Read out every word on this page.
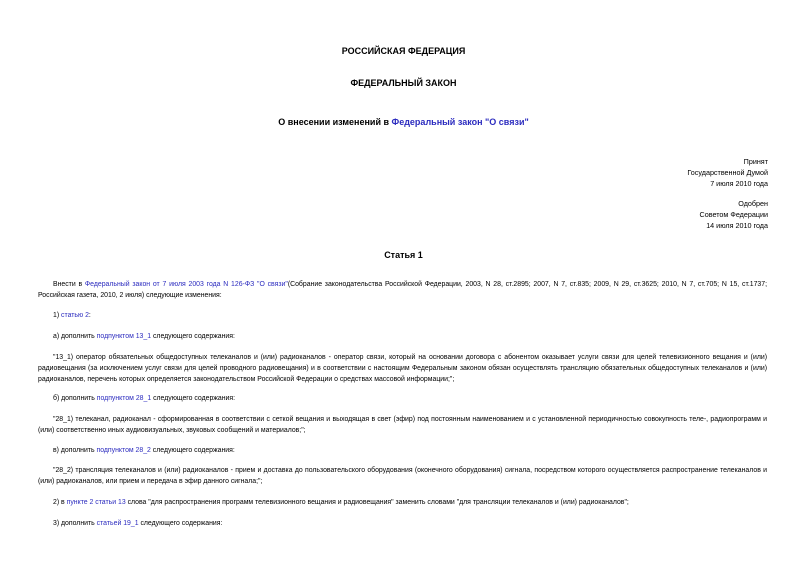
РОССИЙСКАЯ ФЕДЕРАЦИЯ
ФЕДЕРАЛЬНЫЙ ЗАКОН
О внесении изменений в Федеральный закон "О связи"
Принят
Государственной Думой
7 июля 2010 года
Одобрен
Советом Федерации
14 июля 2010 года
Статья 1
Внести в Федеральный закон от 7 июля 2003 года N 126-ФЗ "О связи"(Собрание законодательства Российской Федерации, 2003, N 28, ст.2895; 2007, N 7, ст.835; 2009, N 29, ст.3625; 2010, N 7, ст.705; N 15, ст.1737; Российская газета, 2010, 2 июля) следующие изменения:
1) статью 2:
а) дополнить подпунктом 13_1 следующего содержания:
"13_1) оператор обязательных общедоступных телеканалов и (или) радиоканалов - оператор связи, который на основании договора с абонентом оказывает услуги связи для целей телевизионного вещания и (или) радиовещания (за исключением услуг связи для целей проводного радиовещания) и в соответствии с настоящим Федеральным законом обязан осуществлять трансляцию обязательных общедоступных телеканалов и (или) радиоканалов, перечень которых определяется законодательством Российской Федерации о средствах массовой информации;";
б) дополнить подпунктом 28_1 следующего содержания:
"28_1) телеканал, радиоканал - сформированная в соответствии с сеткой вещания и выходящая в свет (эфир) под постоянным наименованием и с установленной периодичностью совокупность теле-, радиопрограмм и (или) соответственно иных аудиовизуальных, звуковых сообщений и материалов;";
в) дополнить подпунктом 28_2 следующего содержания:
"28_2) трансляция телеканалов и (или) радиоканалов - прием и доставка до пользовательского оборудования (оконечного оборудования) сигнала, посредством которого осуществляется распространение телеканалов и (или) радиоканалов, или прием и передача в эфир данного сигнала;";
2) в пункте 2 статьи 13 слова "для распространения программ телевизионного вещания и радиовещания" заменить словами "для трансляции телеканалов и (или) радиоканалов";
3) дополнить статьей 19_1 следующего содержания:
